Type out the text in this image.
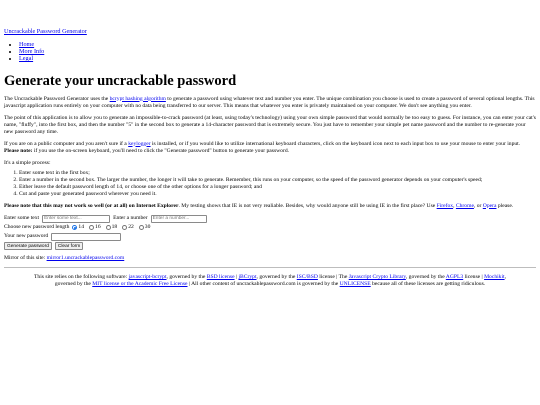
Uncrackable Password Generator
• Home
• More Info
• Legal
Generate your uncrackable password

The Uncrackable Password Generator uses the bcrypt hashing algorithm to generate a password using whatever text and number you enter. The unique combination you choose is used to create a password of several optional lengths. This javascript application runs entirely on your computer with no data being transferred to our server. This means that whatever you enter is privately maintained on your computer. We don't see anything you enter.

The point of this application is to allow you to generate an impossible-to-crack password (at least, using today's technology) using your own simple password that would normally be too easy to guess. For instance, you can enter your cat's name, "fluffy", into the first box, and then the number "5" in the second box to generate a 14-character password that is extremely secure. You just have to remember your simple pet name password and the number to re-generate your new password any time.

If you are on a public computer and you aren't sure if a keylogger is installed, or if you would like to utilize international keyboard characters, click on the keyboard icon next to each input box to use your mouse to enter your input. Please note: if you use the on-screen keyboard, you'll need to click the "Generate password" button to generate your password.

It's a simple process:

1. Enter some text in the first box;
2. Enter a number in the second box. The larger the number, the longer it will take to generate. Remember, this runs on your computer, so the speed of the password generator depends on your computer's speed;
3. Either leave the default password length of 14, or choose one of the other options for a longer password; and
4. Cut and paste your generated password wherever you need it.

Please note that this may not work so well (or at all) on Internet Explorer. My testing shows that IE is not very realiable. Besides, why would anyone still be using IE in the first place? Use Firefox, Chrome, or Opera please.

Enter some text
Enter some text...	Enter a number
Enter a number...
Choose new password length 14 16 18 22 30
Your new password
Generate password	Clear form

Mirror of this site: mirror1.uncrackablepassword.com

This site relies on the following software: javascript-bcrypt, governed by the BSD license | jBCrypt, governed by the ISC/BSD license | The Javascript Crypto Library, governed by the AGPL3 license | Mochikit, governed by the MIT license or the Academic Free License | All other content of uncrackablepassword.com is governed by the UNLICENSE because all of these licenses are getting ridiculous.
